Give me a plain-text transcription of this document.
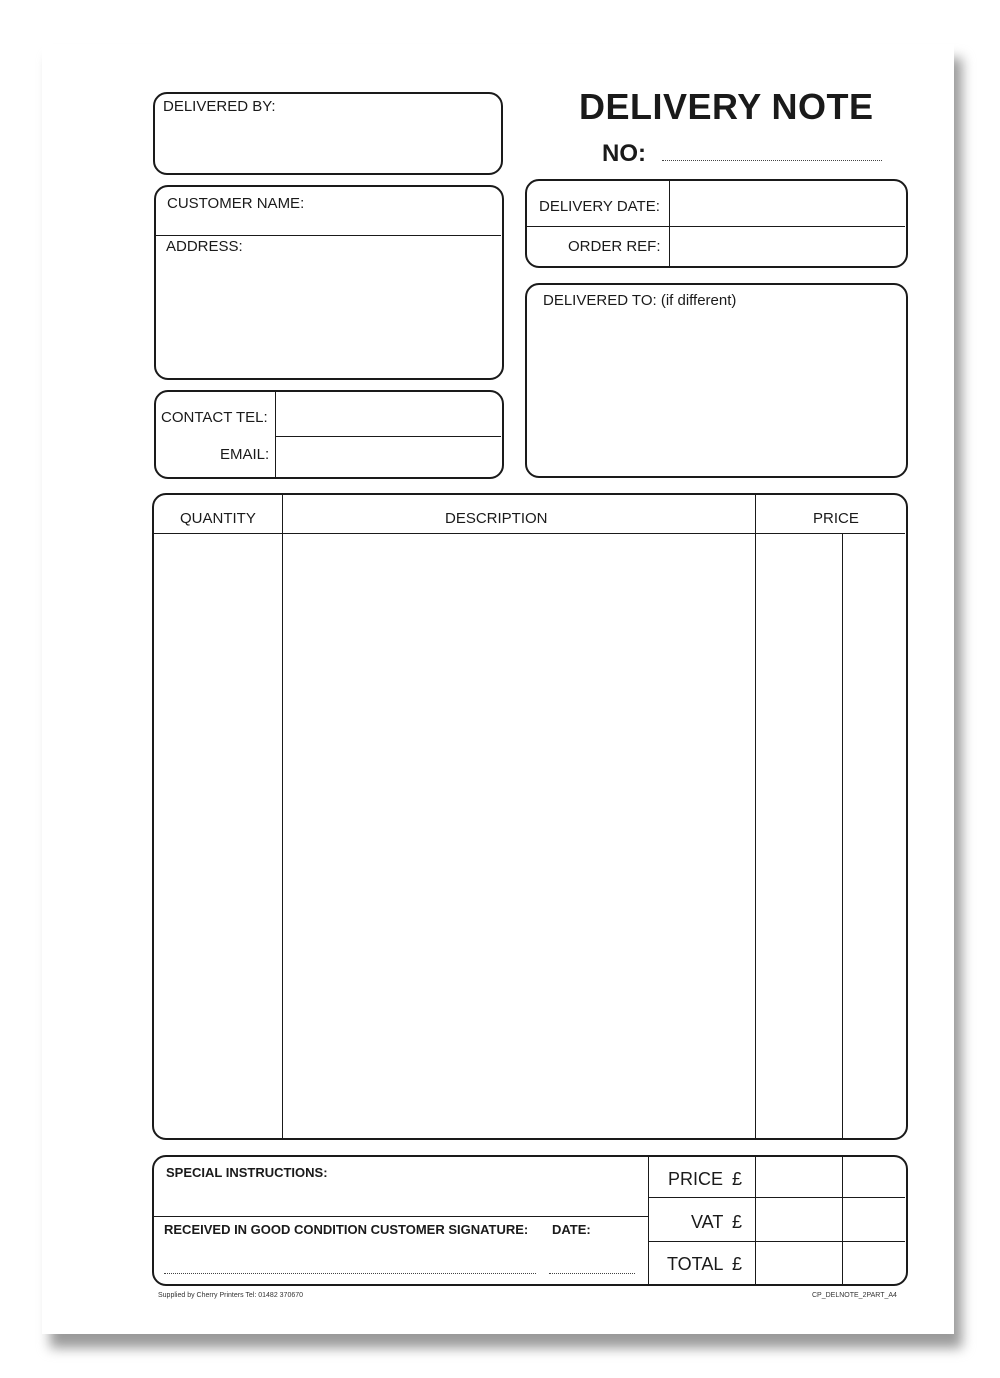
DELIVERY NOTE
NO:
DELIVERED BY:
CUSTOMER NAME:
ADDRESS:
CONTACT TEL:
EMAIL:
DELIVERY DATE:
ORDER REF:
DELIVERED TO: (if different)
QUANTITY	DESCRIPTION	PRICE
SPECIAL INSTRUCTIONS:
RECEIVED IN GOOD CONDITION CUSTOMER SIGNATURE: DATE:
PRICE £
VAT £
TOTAL £
Supplied by Cherry Printers Tel: 01482 370670	CP_DELNOTE_2PART_A4
